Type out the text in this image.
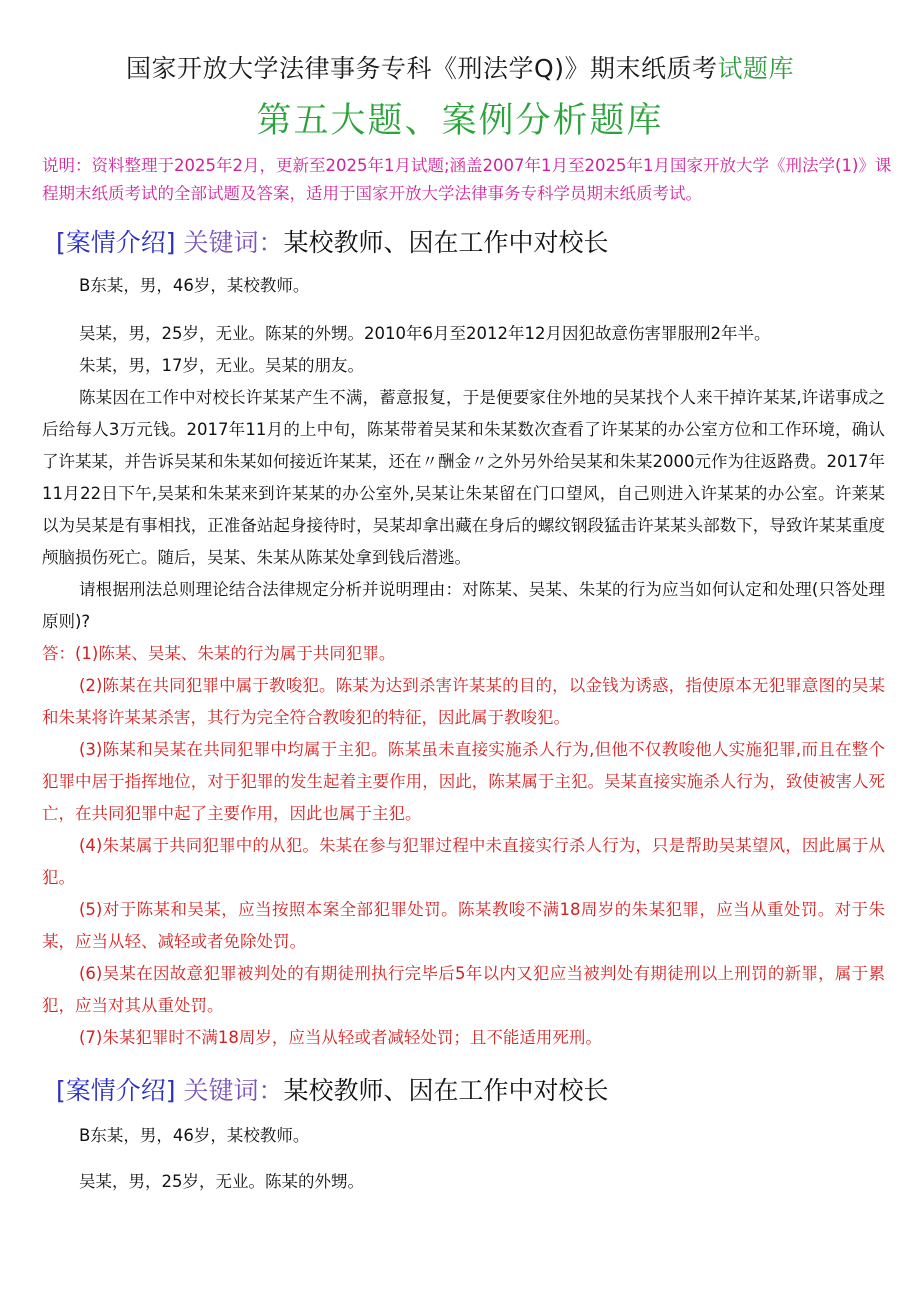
国家开放大学法律事务专科《刑法学Q)》期末纸质考试题库
第五大题、案例分析题库
说明：资料整理于2025年2月，更新至2025年1月试题;涵盖2007年1月至2025年1月国家开放大学《刑法学(1)》课程期末纸质考试的全部试题及答案，适用于国家开放大学法律事务专科学员期末纸质考试。
[案情介绍] 关键词：某校教师、因在工作中对校长

B东某，男，46岁，某校教师。

吴某，男，25岁，无业。陈某的外甥。2010年6月至2012年12月因犯故意伤害罪服刑2年半。

朱某，男，17岁，无业。吴某的朋友。

陈某因在工作中对校长许某某产生不满，蓄意报复，于是便要家住外地的吴某找个人来干掉许某某,许诺事成之后给每人3万元钱。2017年11月的上中旬，陈某带着吴某和朱某数次查看了许某某的办公室方位和工作环境，确认了许某某，并告诉吴某和朱某如何接近许某某，还在〃酬金〃之外另外给吴某和朱某2000元作为往返路费。2017年11月22日下午,吴某和朱某来到许某某的办公室外,吴某让朱某留在门口望风，自己则进入许某某的办公室。许莱某以为吴某是有事相找，正准备站起身接待时，吴某却拿出藏在身后的螺纹钢段猛击许某某头部数下，导致许某某重度颅脑损伤死亡。随后，吴某、朱某从陈某处拿到钱后潜逃。

请根据刑法总则理论结合法律规定分析并说明理由：对陈某、吴某、朱某的行为应当如何认定和处理(只答处理原则)?

答：(1)陈某、吴某、朱某的行为属于共同犯罪。

(2)陈某在共同犯罪中属于教唆犯。陈某为达到杀害许某某的目的，以金钱为诱惑，指使原本无犯罪意图的吴某和朱某将许某某杀害，其行为完全符合教唆犯的特征，因此属于教唆犯。

(3)陈某和吴某在共同犯罪中均属于主犯。陈某虽未直接实施杀人行为,但他不仅教唆他人实施犯罪,而且在整个犯罪中居于指挥地位，对于犯罪的发生起着主要作用，因此，陈某属于主犯。吴某直接实施杀人行为，致使被害人死亡，在共同犯罪中起了主要作用，因此也属于主犯。

(4)朱某属于共同犯罪中的从犯。朱某在参与犯罪过程中未直接实行杀人行为，只是帮助吴某望风，因此属于从犯。

(5)对于陈某和吴某，应当按照本案全部犯罪处罚。陈某教唆不满18周岁的朱某犯罪，应当从重处罚。对于朱某，应当从轻、减轻或者免除处罚。

(6)吴某在因故意犯罪被判处的有期徒刑执行完毕后5年以内又犯应当被判处有期徒刑以上刑罚的新罪，属于累犯，应当对其从重处罚。

(7)朱某犯罪时不满18周岁，应当从轻或者减轻处罚；且不能适用死刑。

[案情介绍] 关键词：某校教师、因在工作中对校长

B东某，男，46岁，某校教师。

吴某，男，25岁，无业。陈某的外甥。
